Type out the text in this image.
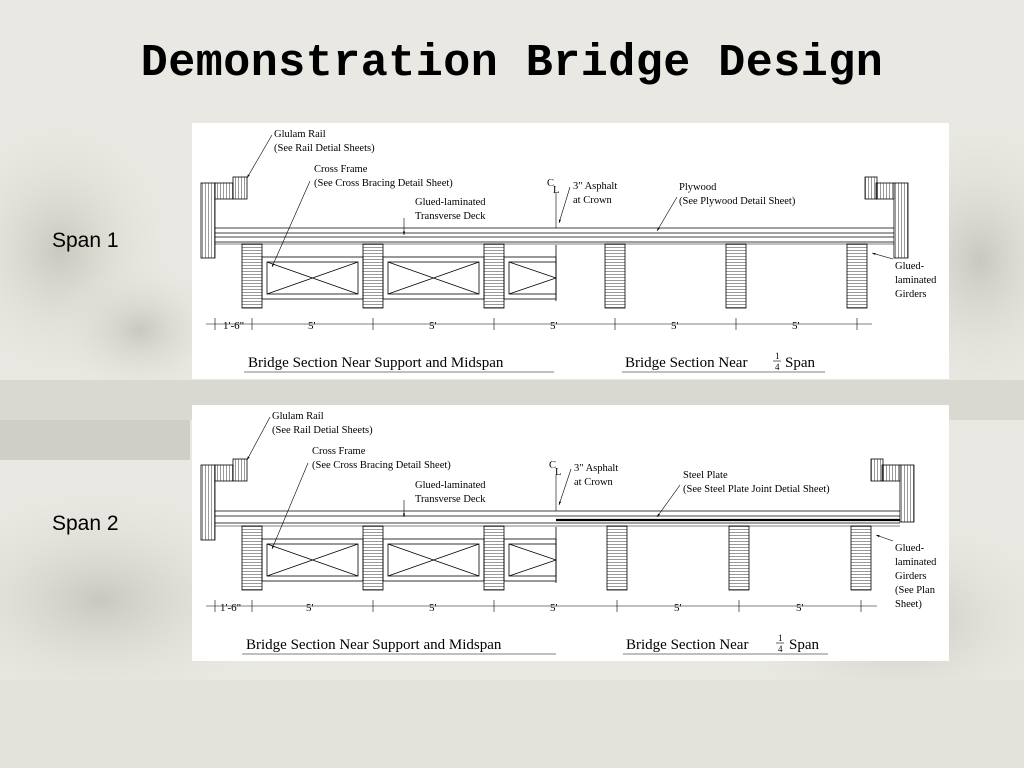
Demonstration Bridge Design
Span 1
Span 2
C
L
Glulam Rail
(See Rail Detial Sheets)
Cross Frame
(See Cross Bracing Detail Sheet)
Glued-laminated
Transverse Deck
3" Asphalt
at Crown
Plywood
(See Plywood Detail Sheet)
Glued-
laminated
Girders
1'-6"	5'	5'	5'	5'	5'
Bridge Section Near Support and Midspan	Bridge Section Near	1
4 Span
C
L
Glulam Rail
(See Rail Detial Sheets)
Cross Frame
(See Cross Bracing Detail Sheet)
Glued-laminated
Transverse Deck
3" Asphalt
at Crown
Steel Plate
(See Steel Plate Joint Detial Sheet)
Glued-
laminated
Girders
(See Plan
Sheet)
1'-6"	5'	5'	5'	5'	5'
Bridge Section Near Support and Midspan	Bridge Section Near	1
4 Span
